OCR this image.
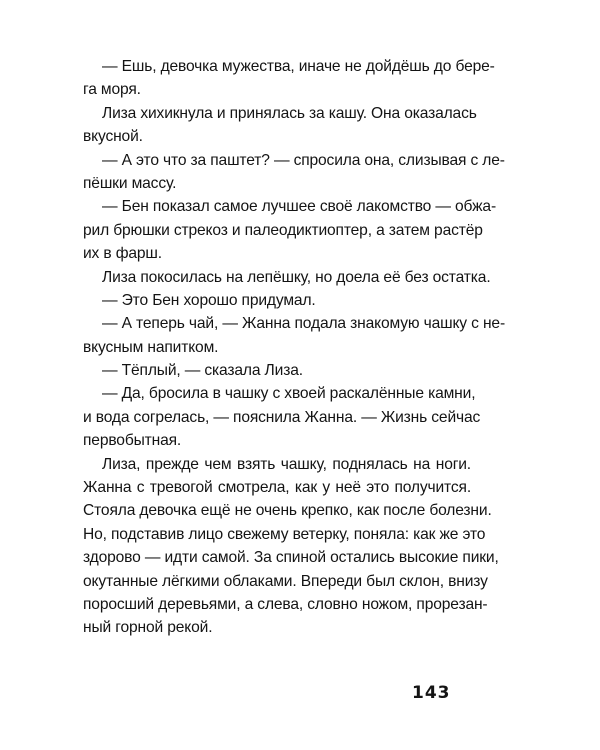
— Ешь, девочка мужества, иначе не дойдёшь до бере-
га моря.
Лиза хихикнула и принялась за кашу. Она оказалась
вкусной.
— А это что за паштет? — спросила она, слизывая с ле-
пёшки массу.
— Бен показал самое лучшее своё лакомство — обжа-
рил брюшки стрекоз и палеодиктиоптер, а затем растёр
их в фарш.
Лиза покосилась на лепёшку, но доела её без остатка.
— Это Бен хорошо придумал.
— А теперь чай, — Жанна подала знакомую чашку с не-
вкусным напитком.
— Тёплый, — сказала Лиза.
— Да, бросила в чашку с хвоей раскалённые камни,
и вода согрелась, — пояснила Жанна. — Жизнь сейчас
первобытная.
Лиза, прежде чем взять чашку, поднялась на ноги.
Жанна с тревогой смотрела, как у неё это получится.
Стояла девочка ещё не очень крепко, как после болезни.
Но, подставив лицо свежему ветерку, поняла: как же это
здорово — идти самой. За спиной остались высокие пики,
окутанные лёгкими облаками. Впереди был склон, внизу
поросший деревьями, а слева, словно ножом, прорезан-
ный горной рекой.
143
